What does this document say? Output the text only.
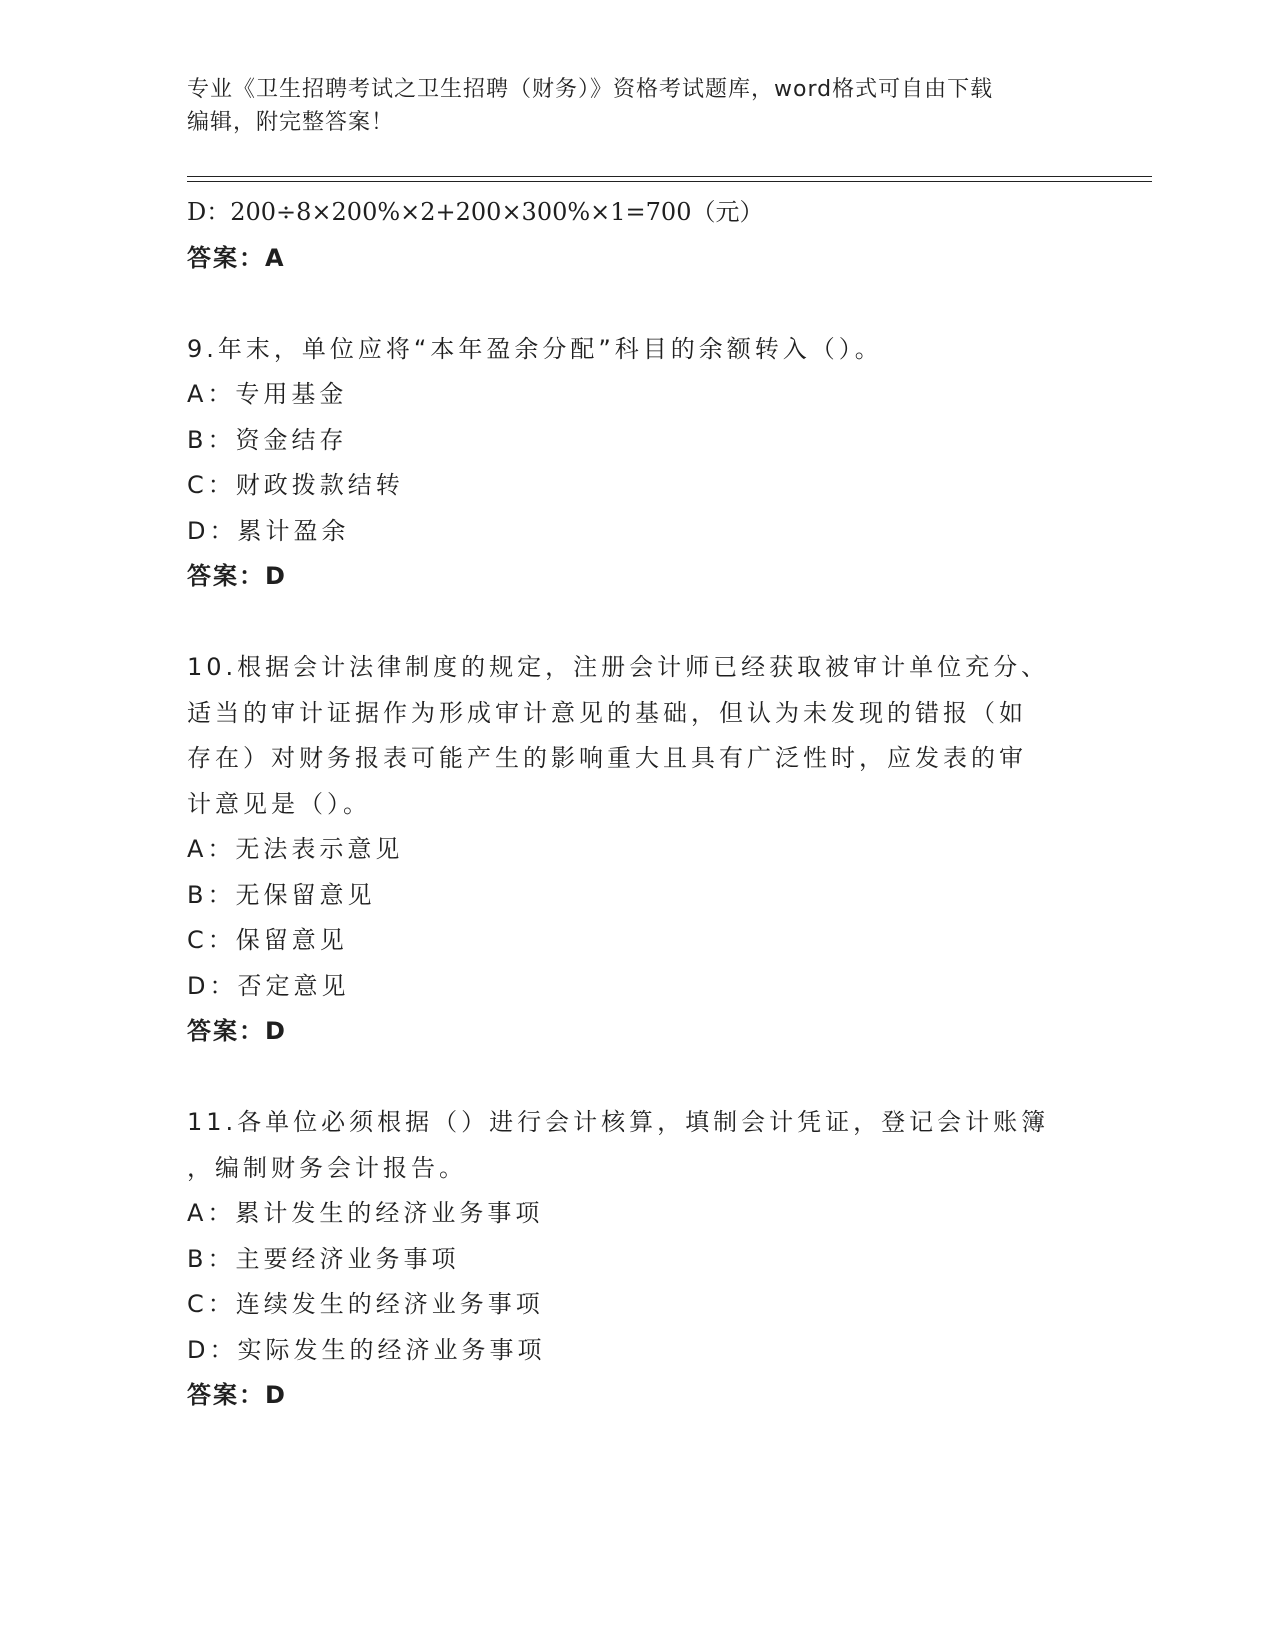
专业《卫生招聘考试之卫生招聘（财务）》资格考试题库，word格式可自由下载
编辑，附完整答案！
D：200÷8×200%×2+200×300%×1=700（元）
答案：A
9.年末，单位应将“本年盈余分配”科目的余额转入（）。
A：专用基金
B：资金结存
C：财政拨款结转
D：累计盈余
答案：D
10.根据会计法律制度的规定，注册会计师已经获取被审计单位充分、
适当的审计证据作为形成审计意见的基础，但认为未发现的错报（如
存在）对财务报表可能产生的影响重大且具有广泛性时，应发表的审
计意见是（）。
A：无法表示意见
B：无保留意见
C：保留意见
D：否定意见
答案：D
11.各单位必须根据（）进行会计核算，填制会计凭证，登记会计账簿
，编制财务会计报告。
A：累计发生的经济业务事项
B：主要经济业务事项
C：连续发生的经济业务事项
D：实际发生的经济业务事项
答案：D
